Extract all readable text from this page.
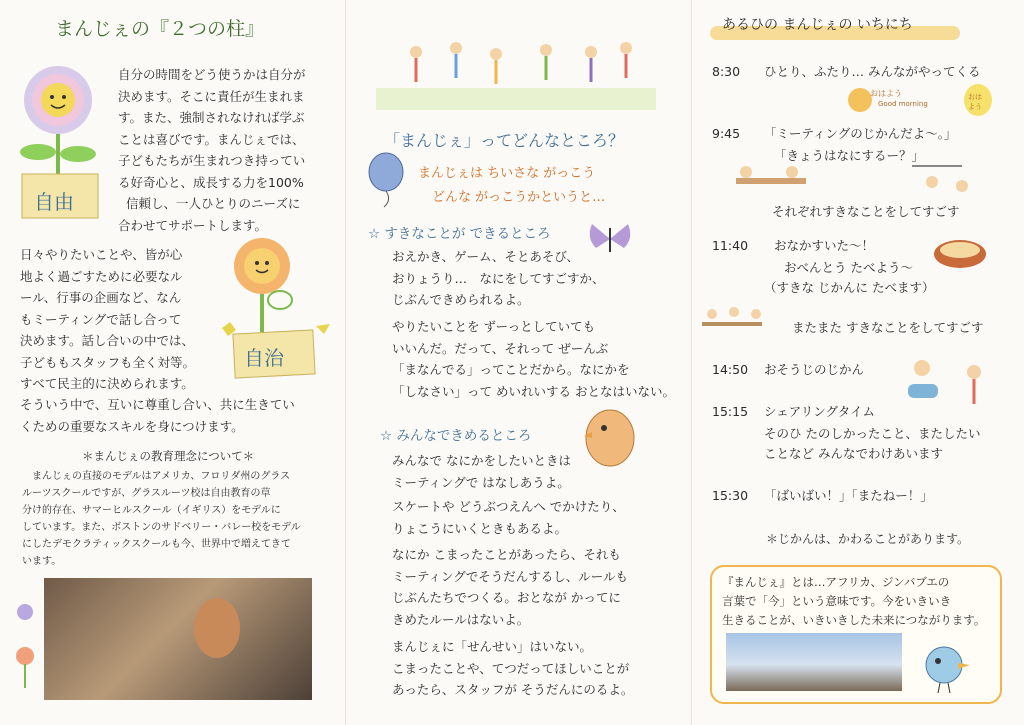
まんじぇの『２つの柱』
自由
自分の時間をどう使うかは自分が
決めます。そこに責任が生まれま
す。また、強制されなければ学ぶ
ことは喜びです。まんじぇでは、
子どもたちが生まれつき持ってい
る好奇心と、成長する力を100%
信頼し、一人ひとりのニーズに
合わせてサポートします。
日々やりたいことや、皆が心
地よく過ごすために必要なル
ール、行事の企画など、なん
もミーティングで話し合って
決めます。話し合いの中では、
子どももスタッフも全く対等。
すべて民主的に決められます。
そういう中で、互いに尊重し合い、共に生きてい
くための重要なスキルを身につけます。
自治
＊まんじぇの教育理念について＊
まんじぇの直接のモデルはアメリカ、フロリダ州のグラス
ルーツスクールですが、グラスルーツ校は自由教育の草
分け的存在、サマーヒルスクール（イギリス）をモデルに
しています。また、ボストンのサドベリー・バレー校をモデル
にしたデモクラティックスクールも今、世界中で増えてきて
います。
「まんじぇ」ってどんなところ？
まんじぇは ちいさな がっこう
どんな がっこうかというと…
☆ すきなことが できるところ
おえかき、ゲーム、そとあそび、
おりょうり…　なにをしてすごすか、
じぶんできめられるよ。
やりたいことを ずーっとしていても
いいんだ。だって、それって ぜーんぶ
「まなんでる」ってことだから。なにかを
「しなさい」って めいれいする おとなはいない。
☆ みんなできめるところ
みんなで なにかをしたいときは
ミーティングで はなしあうよ。
スケートや どうぶつえんへ でかけたり、
りょこうにいくときもあるよ。
なにか こまったことがあったら、それも
ミーティングでそうだんするし、ルールも
じぶんたちでつくる。おとなが かってに
きめたルールはないよ。
まんじぇに「せんせい」はいない。
こまったことや、てつだってほしいことが
あったら、スタッフが そうだんにのるよ。
あるひの まんじぇの いちにち
8:30 ひとり、ふたり… みんながやってくる
おはよう
Good morning
おはよう
9:45 「ミーティングのじかんだよ〜。」
「きょうはなにするー？」
それぞれすきなことをしてすごす
11:40 おなかすいた〜！
おべんとう たべよう〜
（すきな じかんに たべます）
またまた すきなことをしてすごす
14:50 おそうじのじかん
15:15 シェアリングタイム
そのひ たのしかったこと、またしたい
ことなど みんなでわけあいます
15:30 「ばいばい！」「またねー！」
＊じかんは、かわることがあります。
『まんじぇ』とは…アフリカ、ジンバブエの
言葉で「今」という意味です。今をいきいき
生きることが、いきいきした未来につながります。
